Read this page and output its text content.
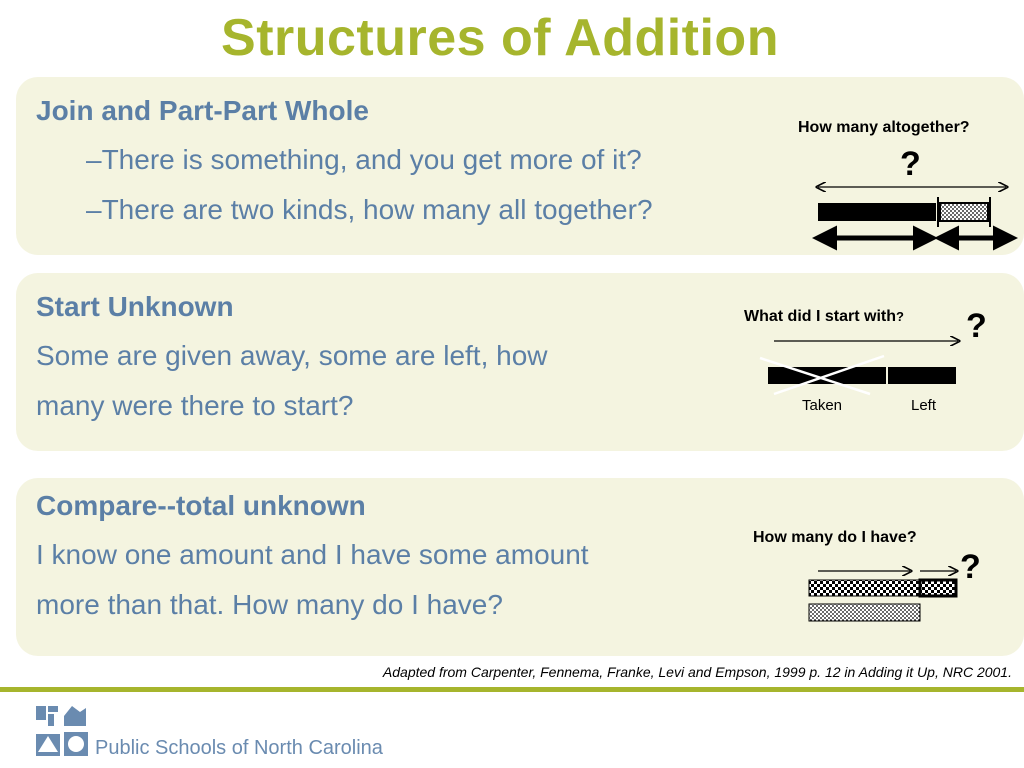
Structures of Addition
Join and Part-Part Whole
–There is something, and you get more of it?
–There are two kinds, how many all together?
How many altogether?
?
Start Unknown
Some are given away, some are left, how
many were there to start?
What did I start with? ?
Taken	Left
Compare--total unknown
I know one amount and I have some amount
more than that. How many do I have?
How many do I have?
?
Adapted from Carpenter, Fennema, Franke, Levi and Empson, 1999 p. 12 in Adding it Up, NRC 2001.
Public Schools of North Carolina
